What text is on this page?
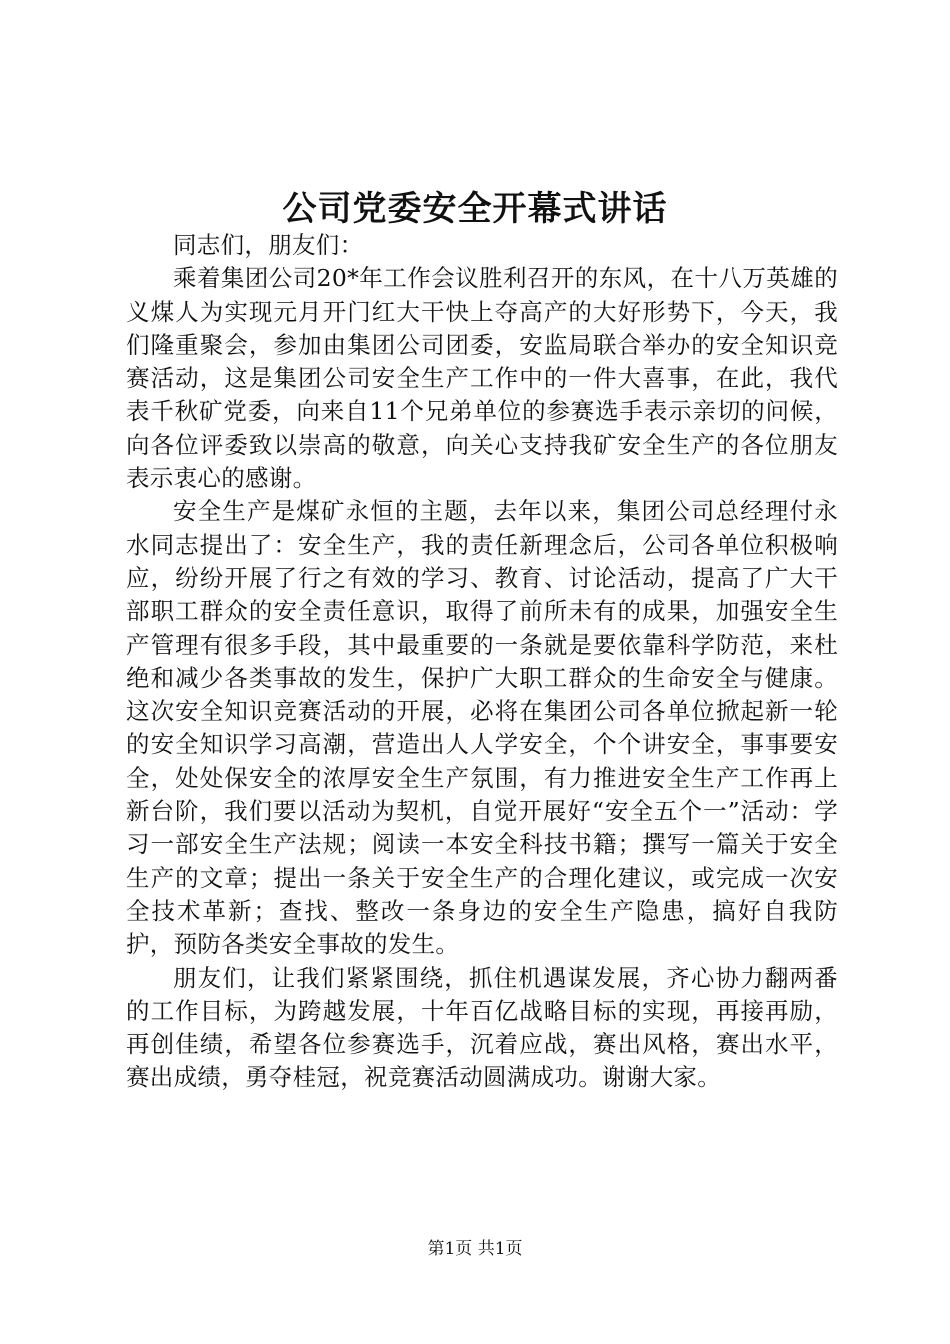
公司党委安全开幕式讲话

同志们，朋友们：

乘着集团公司20*年工作会议胜利召开的东风，在十八万英雄的义煤人为实现元月开门红大干快上夺高产的大好形势下，今天，我们隆重聚会，参加由集团公司团委，安监局联合举办的安全知识竞赛活动，这是集团公司安全生产工作中的一件大喜事，在此，我代表千秋矿党委，向来自11个兄弟单位的参赛选手表示亲切的问候，向各位评委致以崇高的敬意，向关心支持我矿安全生产的各位朋友表示衷心的感谢。

安全生产是煤矿永恒的主题，去年以来，集团公司总经理付永水同志提出了：安全生产，我的责任新理念后，公司各单位积极响应，纷纷开展了行之有效的学习、教育、讨论活动，提高了广大干部职工群众的安全责任意识，取得了前所未有的成果，加强安全生产管理有很多手段，其中最重要的一条就是要依靠科学防范，来杜绝和减少各类事故的发生，保护广大职工群众的生命安全与健康。这次安全知识竞赛活动的开展，必将在集团公司各单位掀起新一轮的安全知识学习高潮，营造出人人学安全，个个讲安全，事事要安全，处处保安全的浓厚安全生产氛围，有力推进安全生产工作再上新台阶，我们要以活动为契机，自觉开展好“安全五个一”活动：学习一部安全生产法规；阅读一本安全科技书籍；撰写一篇关于安全生产的文章；提出一条关于安全生产的合理化建议，或完成一次安全技术革新；查找、整改一条身边的安全生产隐患，搞好自我防护，预防各类安全事故的发生。

朋友们，让我们紧紧围绕，抓住机遇谋发展，齐心协力翻两番的工作目标，为跨越发展，十年百亿战略目标的实现，再接再励，再创佳绩，希望各位参赛选手，沉着应战，赛出风格，赛出水平，赛出成绩，勇夺桂冠，祝竞赛活动圆满成功。谢谢大家。

第1页 共1页
